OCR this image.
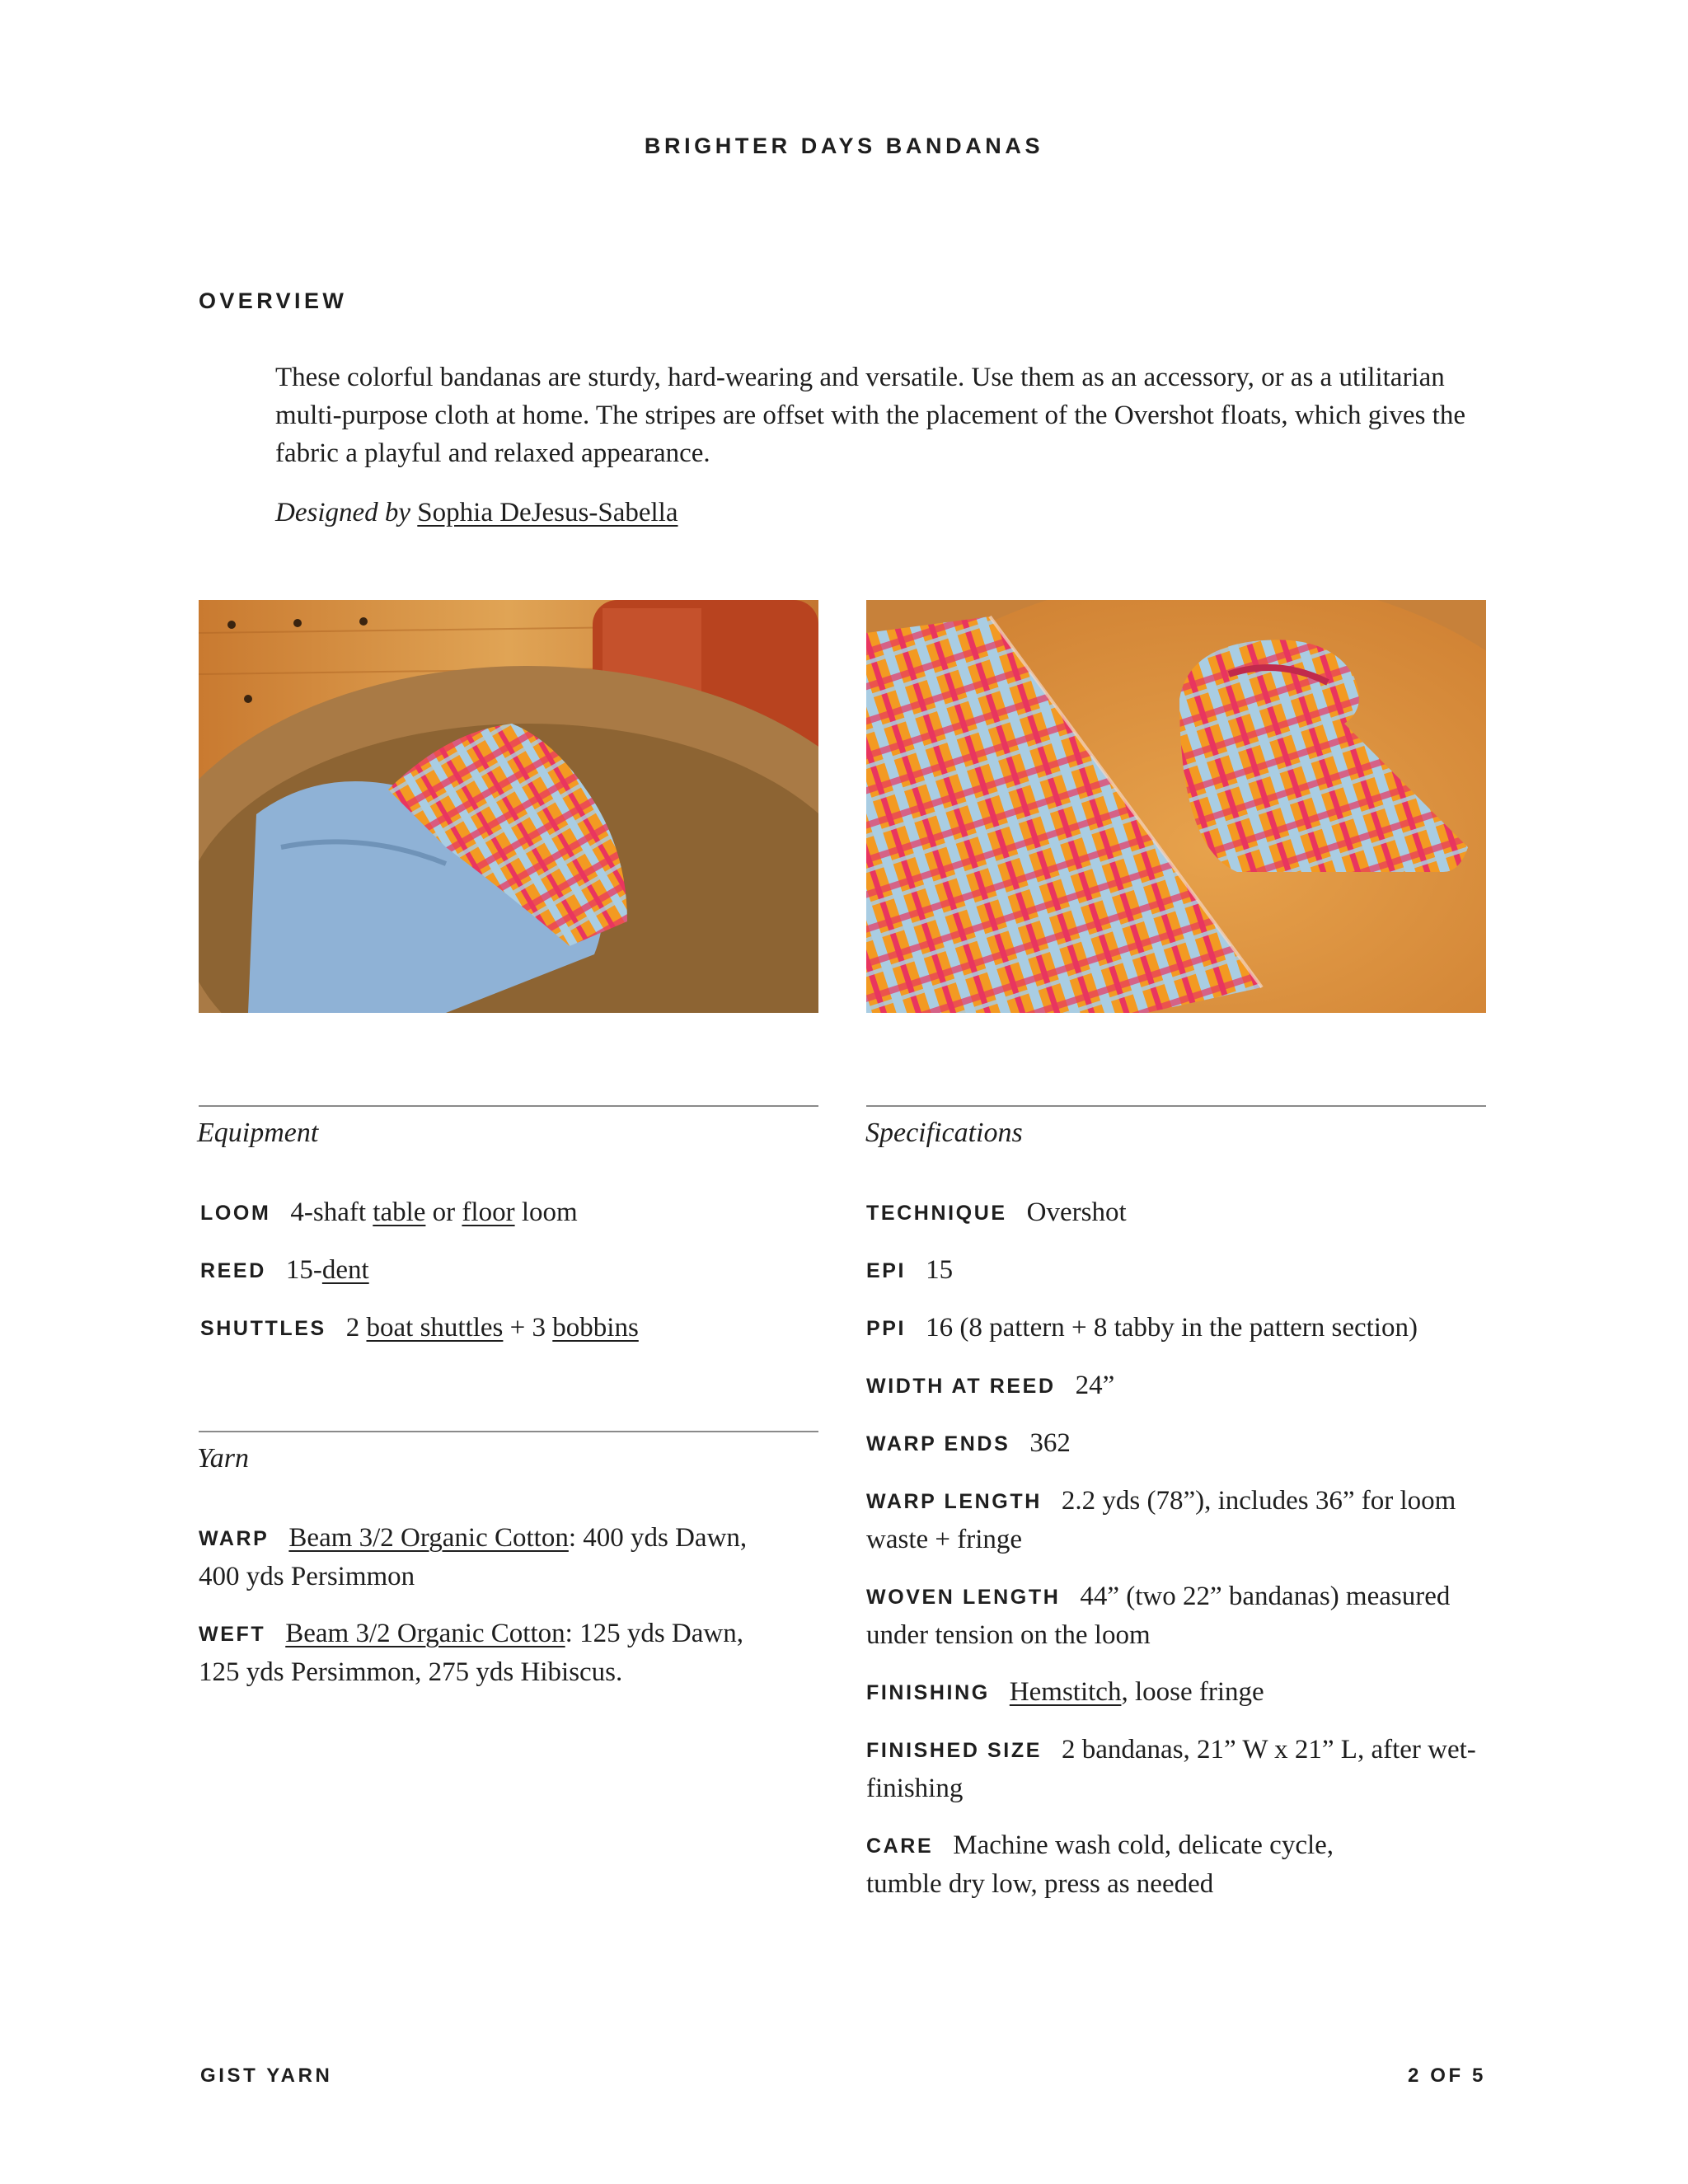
BRIGHTER DAYS BANDANAS
OVERVIEW

These colorful bandanas are sturdy, hard-wearing and versatile. Use them as an accessory, or as a utilitarian multi-purpose cloth at home. The stripes are offset with the placement of the Overshot floats, which gives the fabric a playful and relaxed appearance.

Designed by Sophia DeJesus-Sabella
Equipment
LOOM 4-shaft table or floor loom
REED 15-dent
SHUTTLES 2 boat shuttles + 3 bobbins
Yarn
WARP Beam 3/2 Organic Cotton: 400 yds Dawn,
400 yds Persimmon
WEFT Beam 3/2 Organic Cotton: 125 yds Dawn,
125 yds Persimmon, 275 yds Hibiscus.
Specifications
TECHNIQUE Overshot
EPI 15
PPI 16 (8 pattern + 8 tabby in the pattern section)
WIDTH AT REED 24”
WARP ENDS 362
WARP LENGTH 2.2 yds (78”), includes 36” for loom
waste + fringe
WOVEN LENGTH 44” (two 22” bandanas) measured
under tension on the loom
FINISHING Hemstitch, loose fringe
FINISHED SIZE 2 bandanas, 21” W x 21” L, after wet-
finishing
CARE Machine wash cold, delicate cycle,
tumble dry low, press as needed
GIST YARN	2 OF 5
